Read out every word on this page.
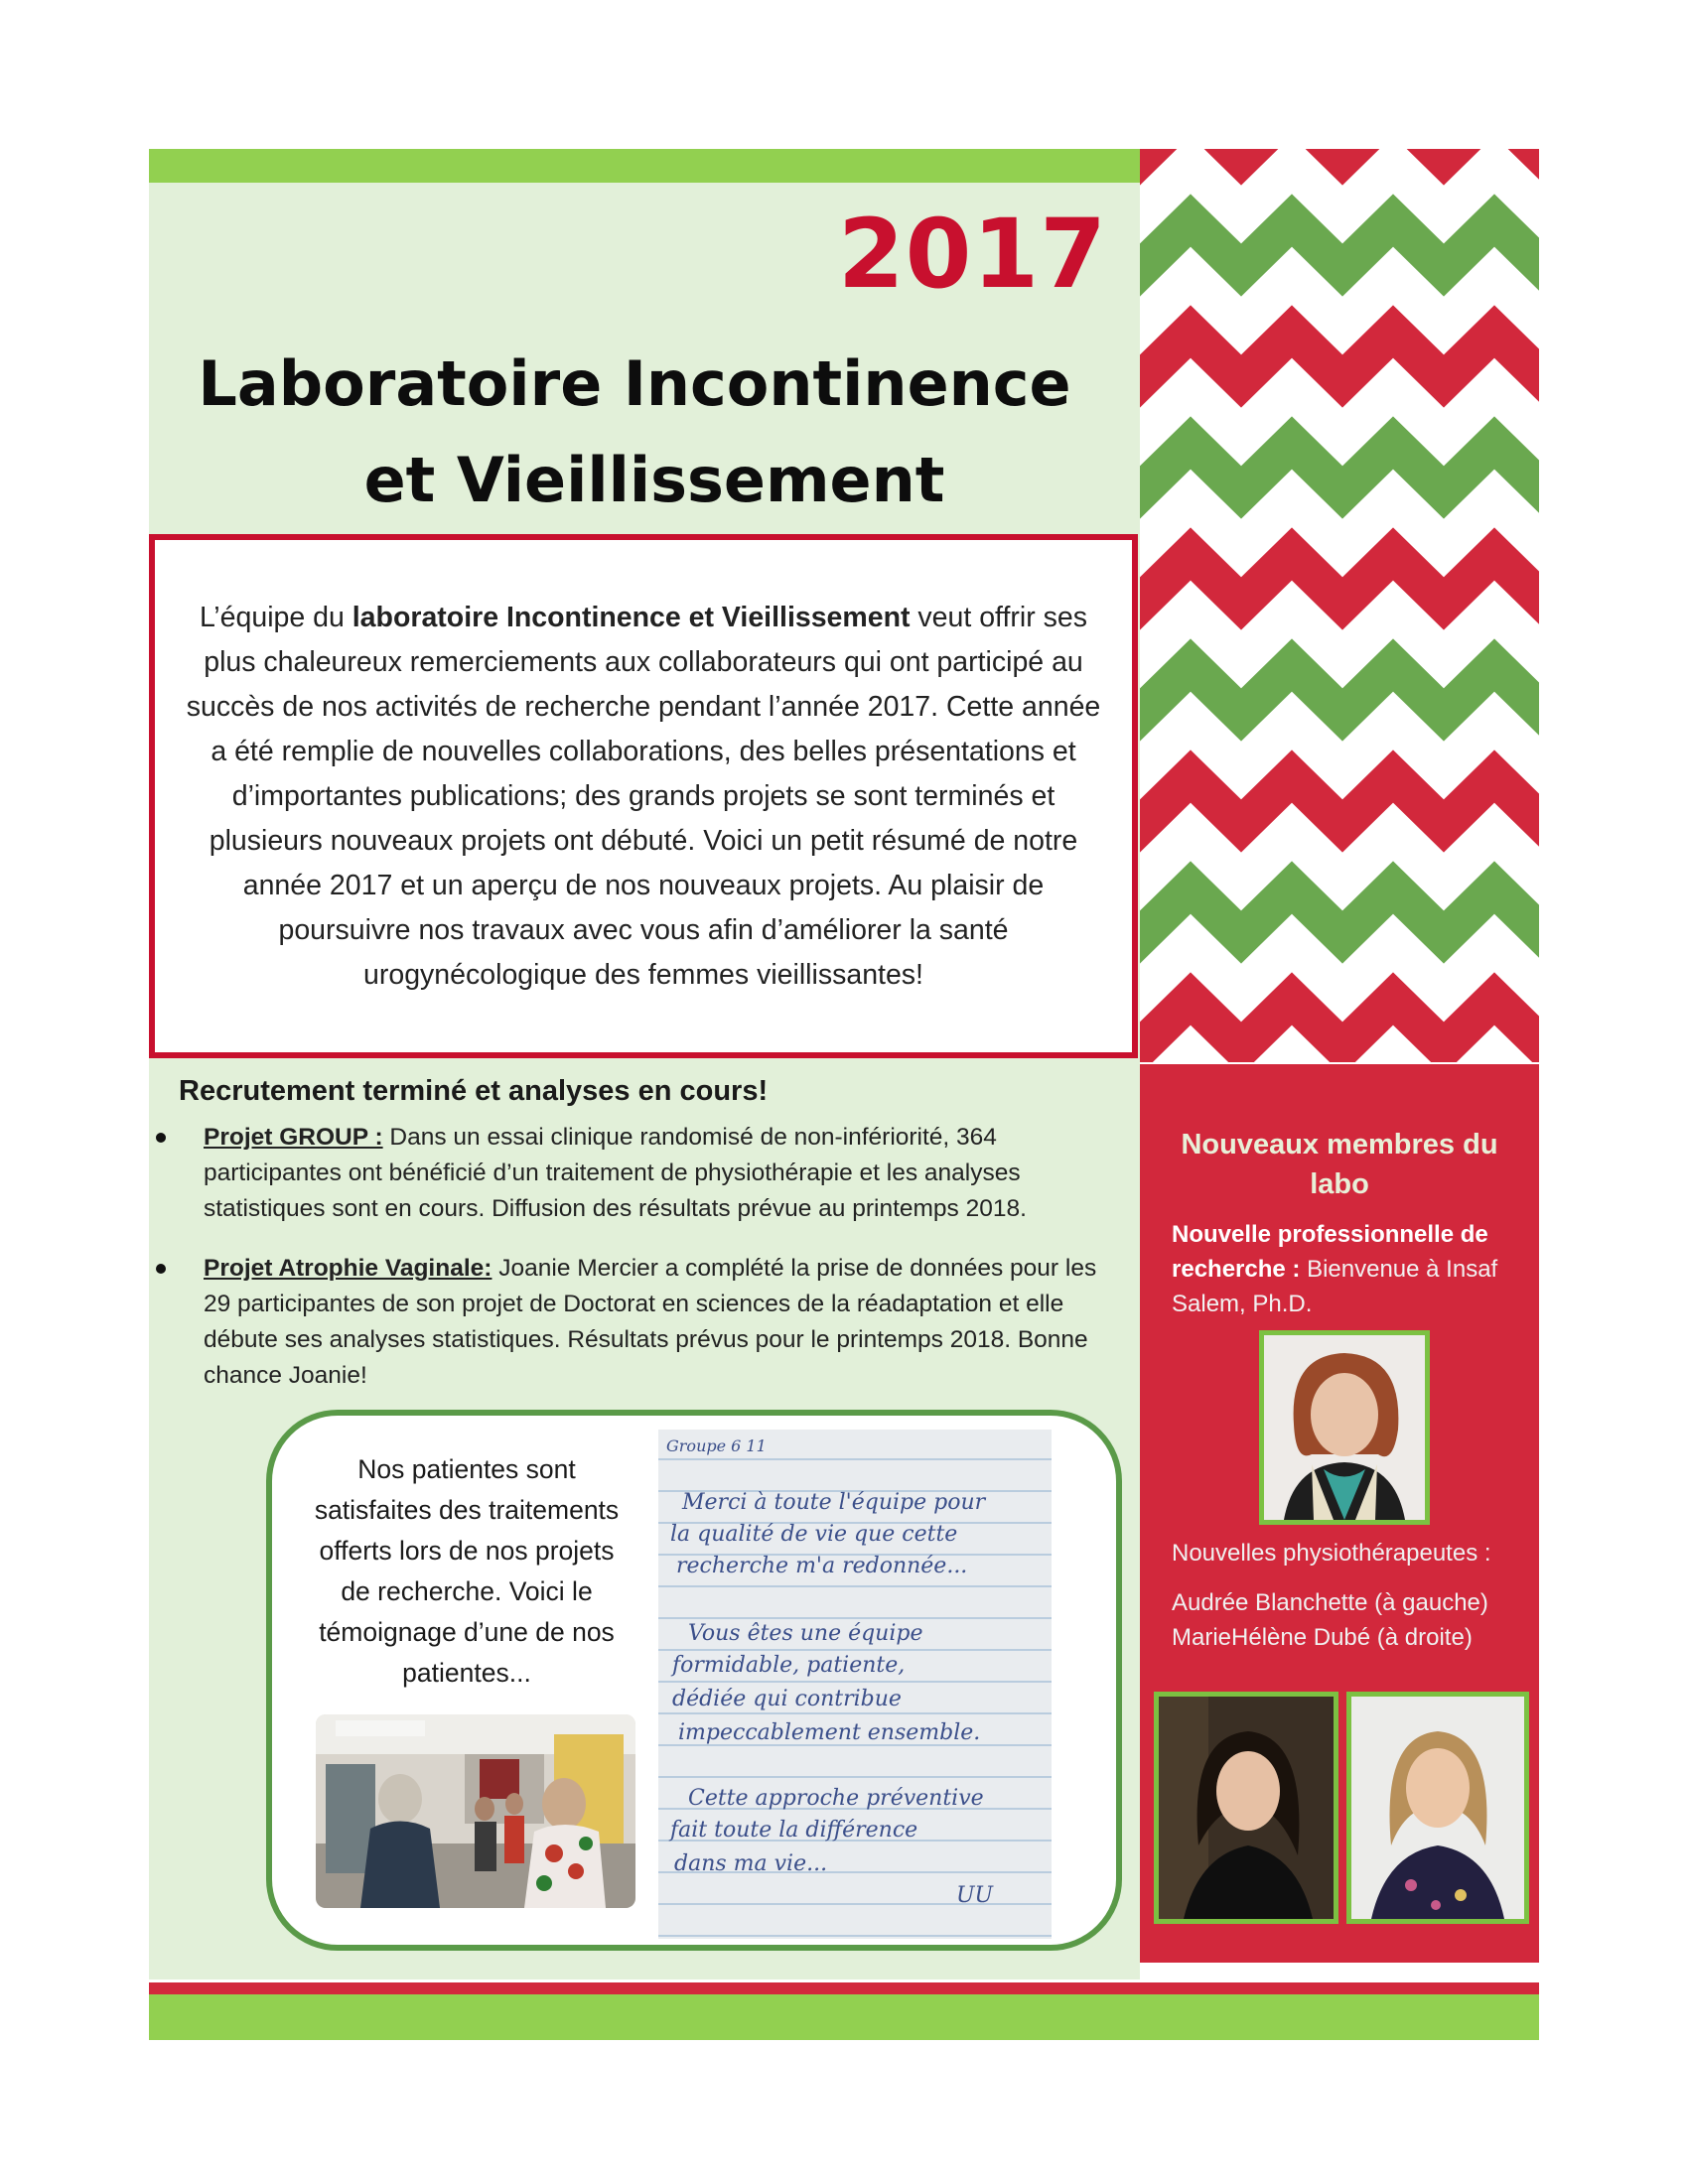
2017
Laboratoire Incontinence
et Vieillissement

L’équipe du laboratoire Incontinence et Vieillissement veut offrir ses plus chaleureux remerciements aux collaborateurs qui ont participé au succès de nos activités de recherche pendant l’année 2017. Cette année a été remplie de nouvelles collaborations, des belles présentations et d’importantes publications; des grands projets se sont terminés et plusieurs nouveaux projets ont débuté. Voici un petit résumé de notre année 2017 et un aperçu de nos nouveaux projets. Au plaisir de poursuivre nos travaux avec vous afin d’améliorer la santé urogynécologique des femmes vieillissantes!

Recrutement terminé et analyses en cours!
Projet GROUP : Dans un essai clinique randomisé de non-infériorité, 364 participantes ont bénéficié d’un traitement de physiothérapie et les analyses statistiques sont en cours. Diffusion des résultats prévue au printemps 2018.
Projet Atrophie Vaginale: Joanie Mercier a complété la prise de données pour les 29 participantes de son projet de Doctorat en sciences de la réadaptation et elle débute ses analyses statistiques. Résultats prévus pour le printemps 2018. Bonne chance Joanie!
Nos patientes sont satisfaites des traitements offerts lors de nos projets de recherche. Voici le témoignage d’une de nos patientes...
Groupe 6 11
Merci à toute l'équipe pour
la qualité de vie que cette
recherche m'a redonnée...
Vous êtes une équipe
formidable, patiente,
dédiée qui contribue
impeccablement ensemble.
Cette approche préventive
fait toute la différence
dans ma vie...
UU
Nouveaux membres du labo
Nouvelle professionnelle de recherche : Bienvenue à Insaf Salem, Ph.D.
Nouvelles physiothérapeutes :
Audrée Blanchette (à gauche) MarieHélène Dubé (à droite)
